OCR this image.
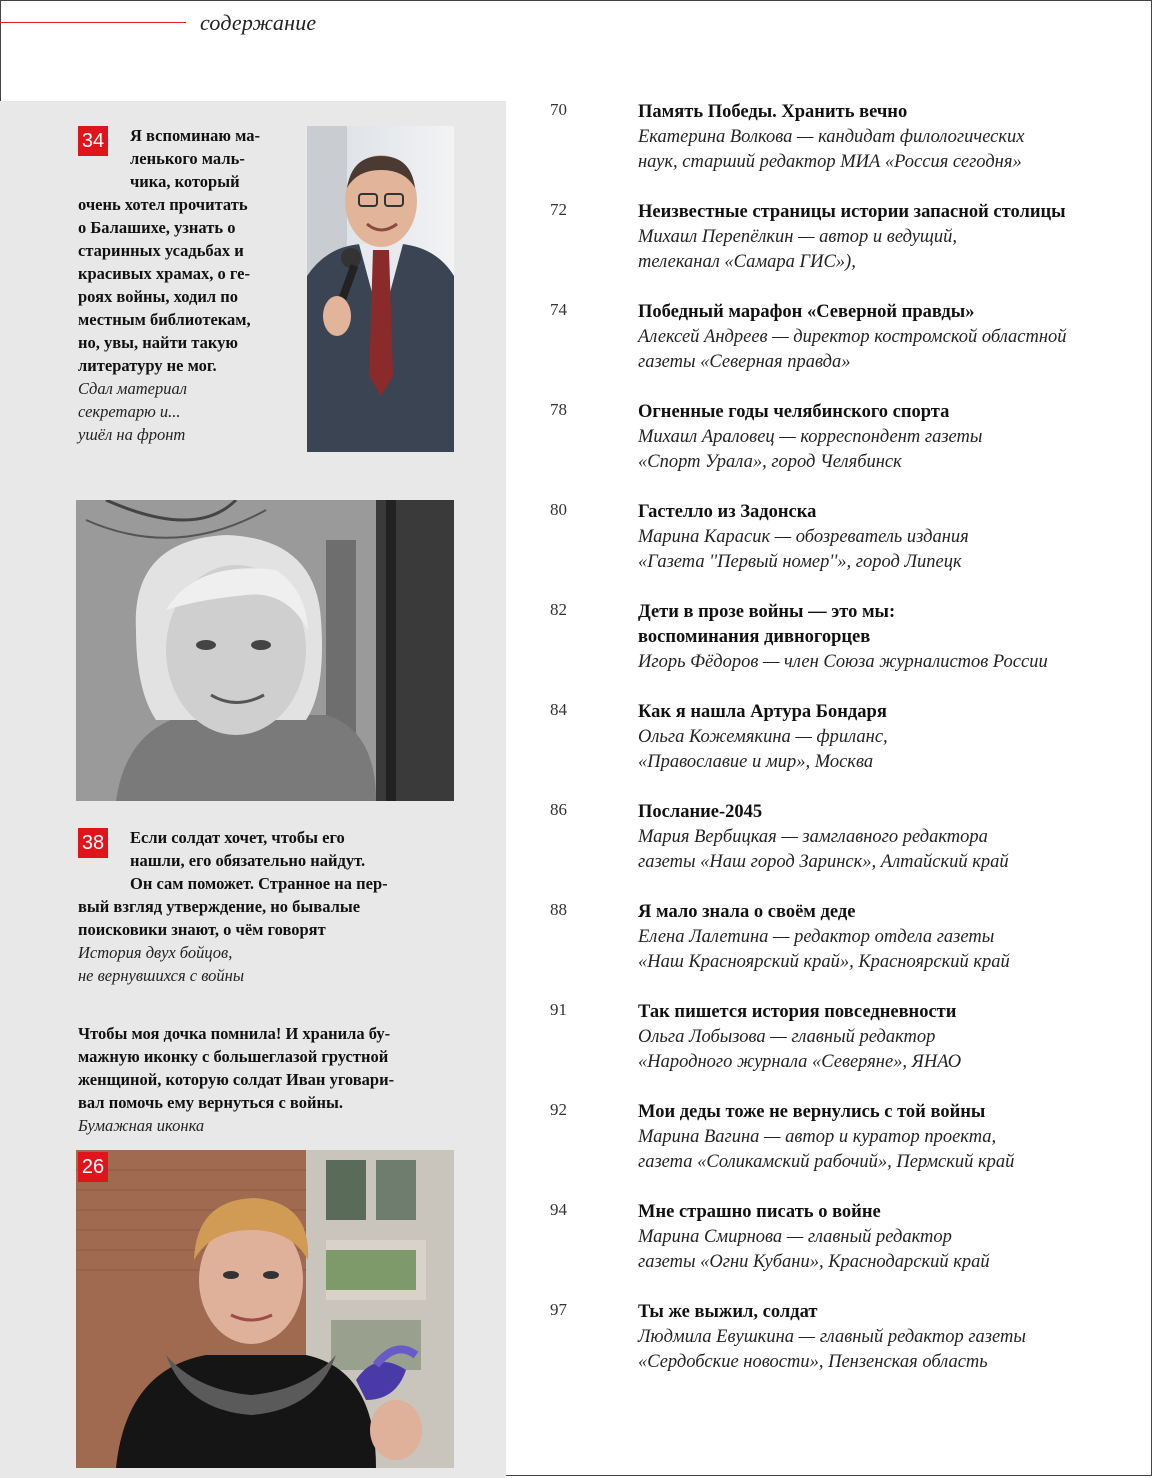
содержание
34	Я вспоминаю ма-
ленького маль-
чика, который
очень хотел прочитать
о Балашихе, узнать о
старинных усадьбах и
красивых храмах, о ге-
роях войны, ходил по
местным библиотекам,
но, увы, найти такую
литературу не мог.
Сдал материал
секретарю и...
ушёл на фронт
38	Если солдат хочет, чтобы его
нашли, его обязательно найдут.
Он сам поможет. Странное на пер-
вый взгляд утверждение, но бывалые
поисковики знают, о чём говорят
История двух бойцов,
не вернувшихся с войны
Чтобы моя дочка помнила! И хранила бу-
мажную иконку с большеглазой грустной
женщиной, которую солдат Иван уговари-
вал помочь ему вернуться с войны.
Бумажная иконка
26
70	Память Победы. Хранить вечно
Екатерина Волкова — кандидат филологических
наук, старший редактор МИА «Россия сегодня»
72	Неизвестные страницы истории запасной столицы
Михаил Перепёлкин — автор и ведущий,
телеканал «Самара ГИС»),
74	Победный марафон «Северной правды»
Алексей Андреев — директор костромской областной
газеты «Северная правда»
78	Огненные годы челябинского спорта
Михаил Араловец — корреспондент газеты
«Спорт Урала», город Челябинск
80	Гастелло из Задонска
Марина Карасик — обозреватель издания
«Газета ''Первый номер''», город Липецк
82	Дети в прозе войны — это мы:
воспоминания дивногорцев
Игорь Фёдоров — член Союза журналистов России
84	Как я нашла Артура Бондаря
Ольга Кожемякина — фриланс,
«Православие и мир», Москва
86	Послание-2045
Мария Вербицкая — замглавного редактора
газеты «Наш город Заринск», Алтайский край
88	Я мало знала о своём деде
Елена Лалетина — редактор отдела газеты
«Наш Красноярский край», Красноярский край
91	Так пишется история повседневности
Ольга Лобызова — главный редактор
«Народного журнала «Северяне», ЯНАО
92	Мои деды тоже не вернулись с той войны
Марина Вагина — автор и куратор проекта,
газета «Соликамский рабочий», Пермский край
94	Мне страшно писать о войне
Марина Смирнова — главный редактор
газеты «Огни Кубани», Краснодарский край
97	Ты же выжил, солдат
Людмила Евушкина — главный редактор газеты
«Сердобские новости», Пензенская область
